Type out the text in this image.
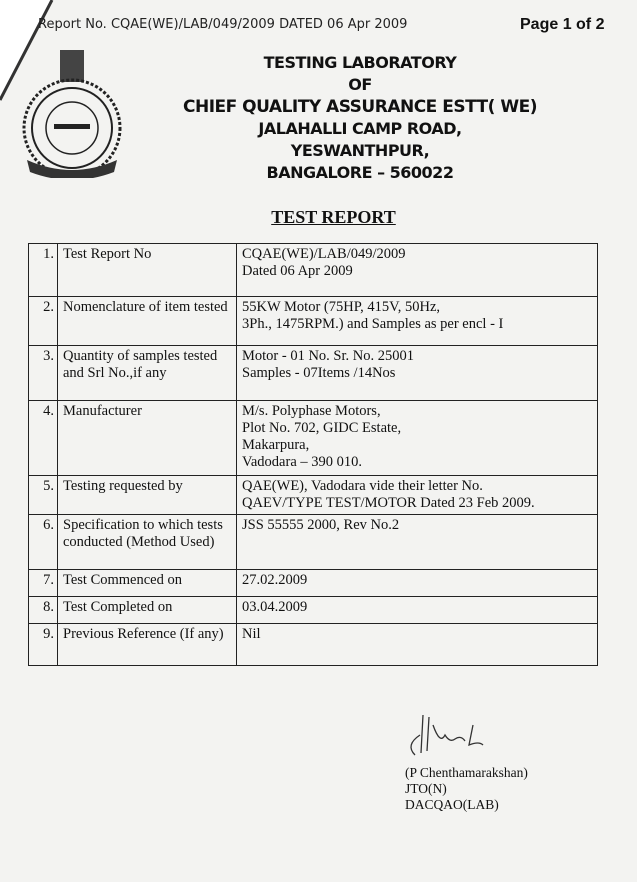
Report No. CQAE(WE)/LAB/049/2009 DATED 06 Apr 2009	Page 1 of 2
TESTING LABORATORY
OF
CHIEF QUALITY ASSURANCE ESTT( WE)
JALAHALLI CAMP ROAD,
YESWANTHPUR,
BANGALORE – 560022
TEST REPORT
1.	Test Report No	CQAE(WE)/LAB/049/2009
Dated 06 Apr 2009

2.	Nomenclature of item tested	55KW Motor (75HP, 415V, 50Hz,
3Ph., 1475RPM.) and Samples as per encl - I

3.	Quantity of samples tested and Srl No.,if any	Motor - 01 No. Sr. No. 25001
Samples - 07Items /14Nos

4.	Manufacturer	M/s. Polyphase Motors,
Plot No. 702, GIDC Estate,
Makarpura,
Vadodara – 390 010.

5.	Testing requested by	QAE(WE), Vadodara vide their letter No.
QAEV/TYPE TEST/MOTOR Dated 23 Feb 2009.

6.	Specification to which tests conducted (Method Used)	JSS 55555 2000, Rev No.2

7.	Test Commenced on	27.02.2009

8.	Test Completed on	03.04.2009

9.	Previous Reference (If any)	Nil
(P Chenthamarakshan)
JTO(N)
DACQAO(LAB)
